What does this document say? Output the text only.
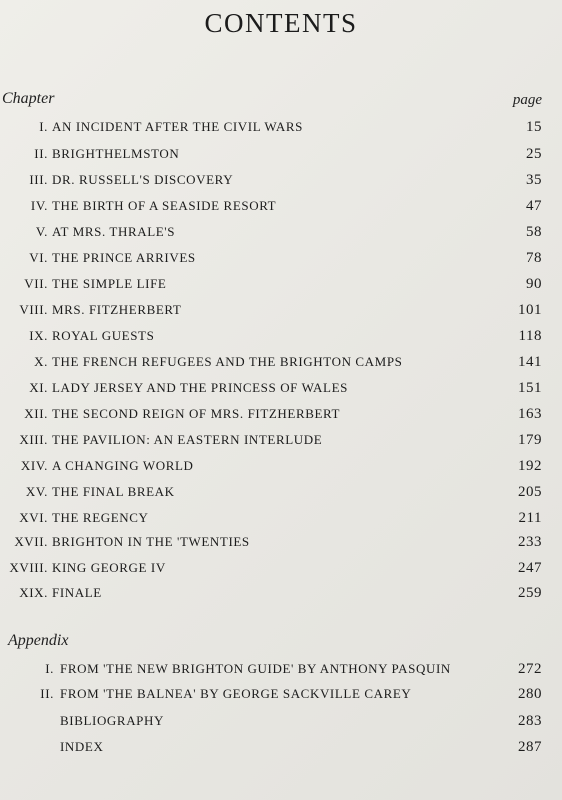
CONTENTS
Chapter	page
I. AN INCIDENT AFTER THE CIVIL WARS	15
II. BRIGHTHELMSTON	25
III. DR. RUSSELL'S DISCOVERY	35
IV. THE BIRTH OF A SEASIDE RESORT	47
V. AT MRS. THRALE'S	58
VI. THE PRINCE ARRIVES	78
VII. THE SIMPLE LIFE	90
VIII. MRS. FITZHERBERT	101
IX. ROYAL GUESTS	118
X. THE FRENCH REFUGEES AND THE BRIGHTON CAMPS	141
XI. LADY JERSEY AND THE PRINCESS OF WALES	151
XII. THE SECOND REIGN OF MRS. FITZHERBERT	163
XIII. THE PAVILION: AN EASTERN INTERLUDE	179
XIV. A CHANGING WORLD	192
XV. THE FINAL BREAK	205
XVI. THE REGENCY	211
XVII. BRIGHTON IN THE 'TWENTIES	233
XVIII. KING GEORGE IV	247
XIX. FINALE	259
Appendix
I. FROM 'THE NEW BRIGHTON GUIDE' BY ANTHONY PASQUIN	272
II. FROM 'THE BALNEA' BY GEORGE SACKVILLE CAREY	280
BIBLIOGRAPHY	283
INDEX	287
